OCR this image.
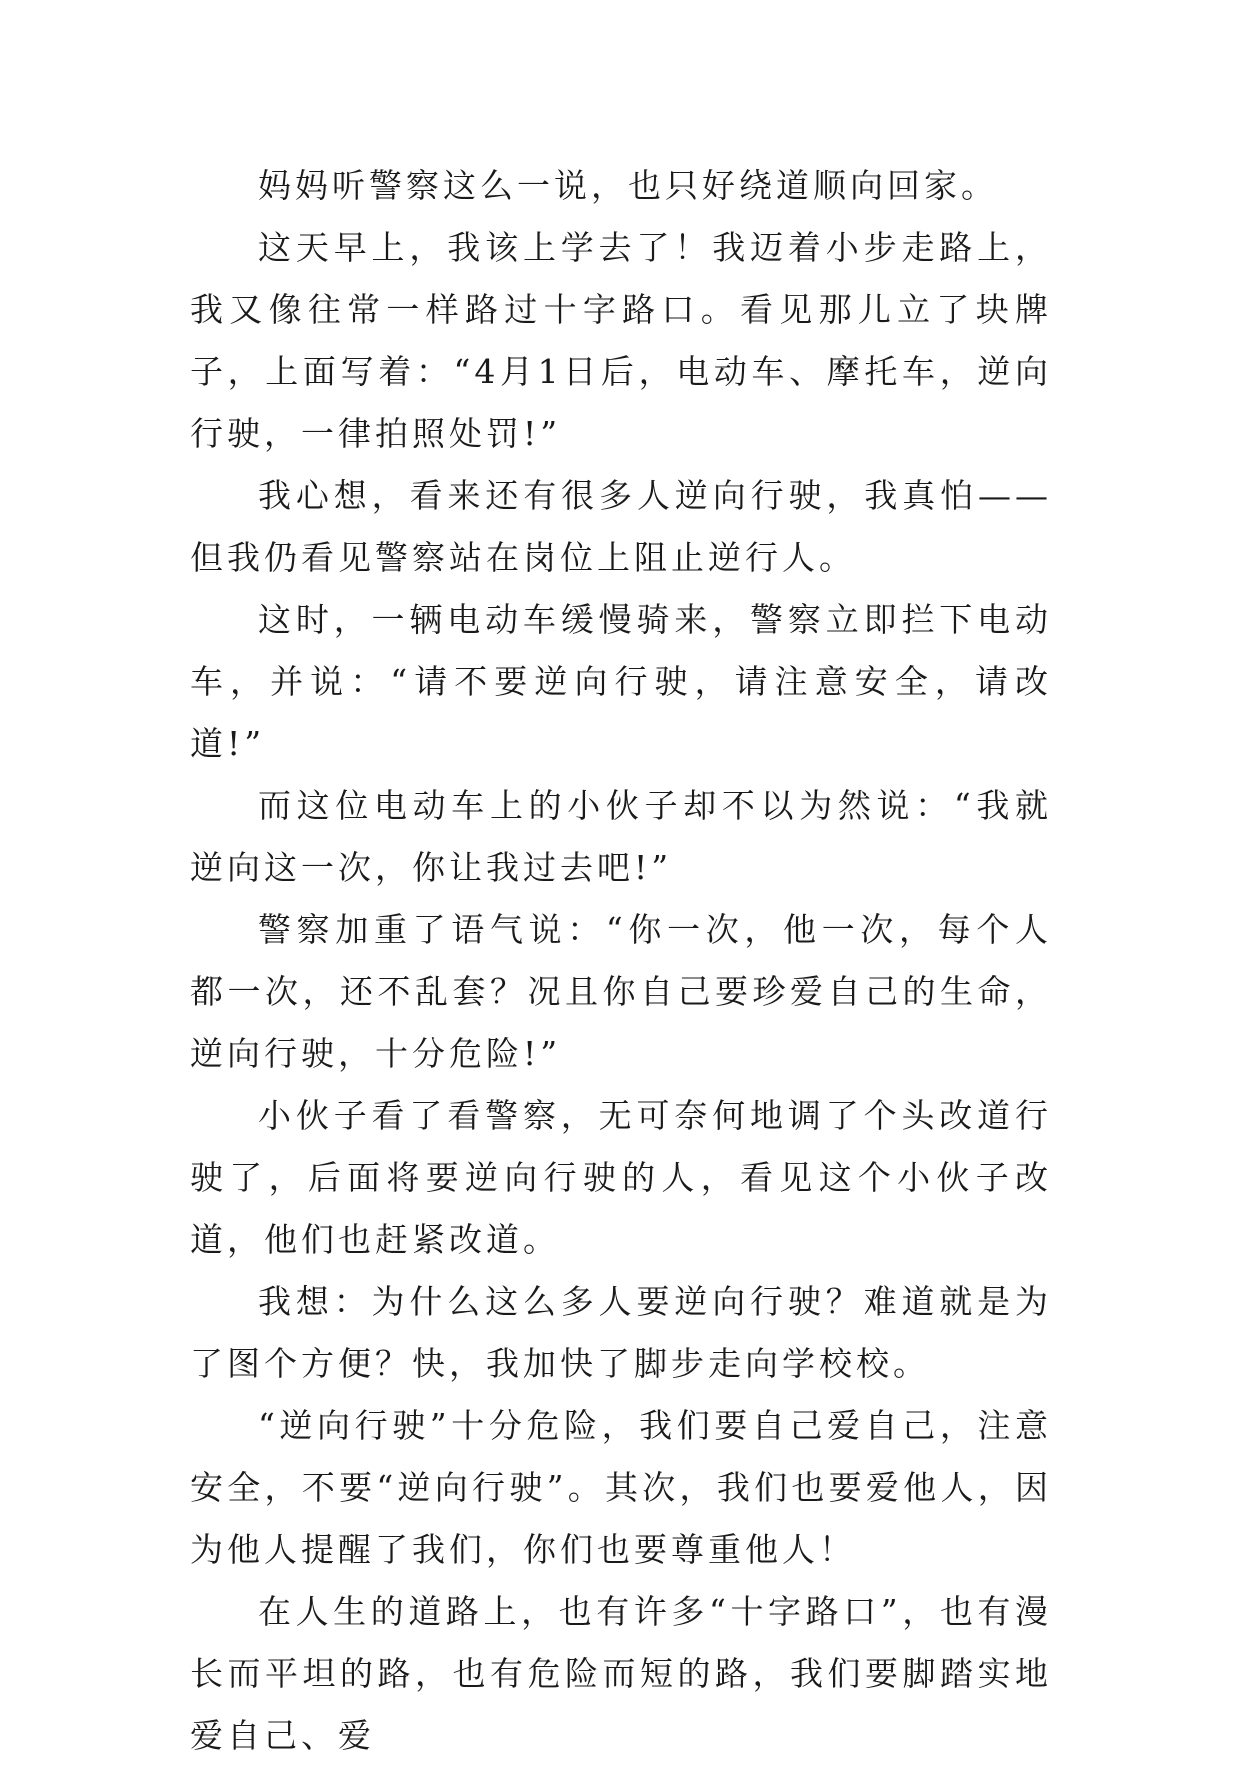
妈妈听警察这么一说，也只好绕道顺向回家。

这天早上，我该上学去了！我迈着小步走路上，我又像往常一样路过十字路口。看见那儿立了块牌子，上面写着：“4月1日后，电动车、摩托车，逆向行驶，一律拍照处罚!”

我心想，看来还有很多人逆向行驶，我真怕——但我仍看见警察站在岗位上阻止逆行人。

这时，一辆电动车缓慢骑来，警察立即拦下电动车，并说：“请不要逆向行驶，请注意安全，请改道!”

而这位电动车上的小伙子却不以为然说：“我就逆向这一次，你让我过去吧!”

警察加重了语气说：“你一次，他一次，每个人都一次，还不乱套？况且你自己要珍爱自己的生命，逆向行驶，十分危险!”

小伙子看了看警察，无可奈何地调了个头改道行驶了，后面将要逆向行驶的人，看见这个小伙子改道，他们也赶紧改道。

我想：为什么这么多人要逆向行驶？难道就是为了图个方便？快，我加快了脚步走向学校校。

“逆向行驶”十分危险，我们要自己爱自己，注意安全，不要“逆向行驶”。其次，我们也要爱他人，因为他人提醒了我们，你们也要尊重他人！

在人生的道路上，也有许多“十字路口”，也有漫长而平坦的路，也有危险而短的路，我们要脚踏实地爱自己、爱
